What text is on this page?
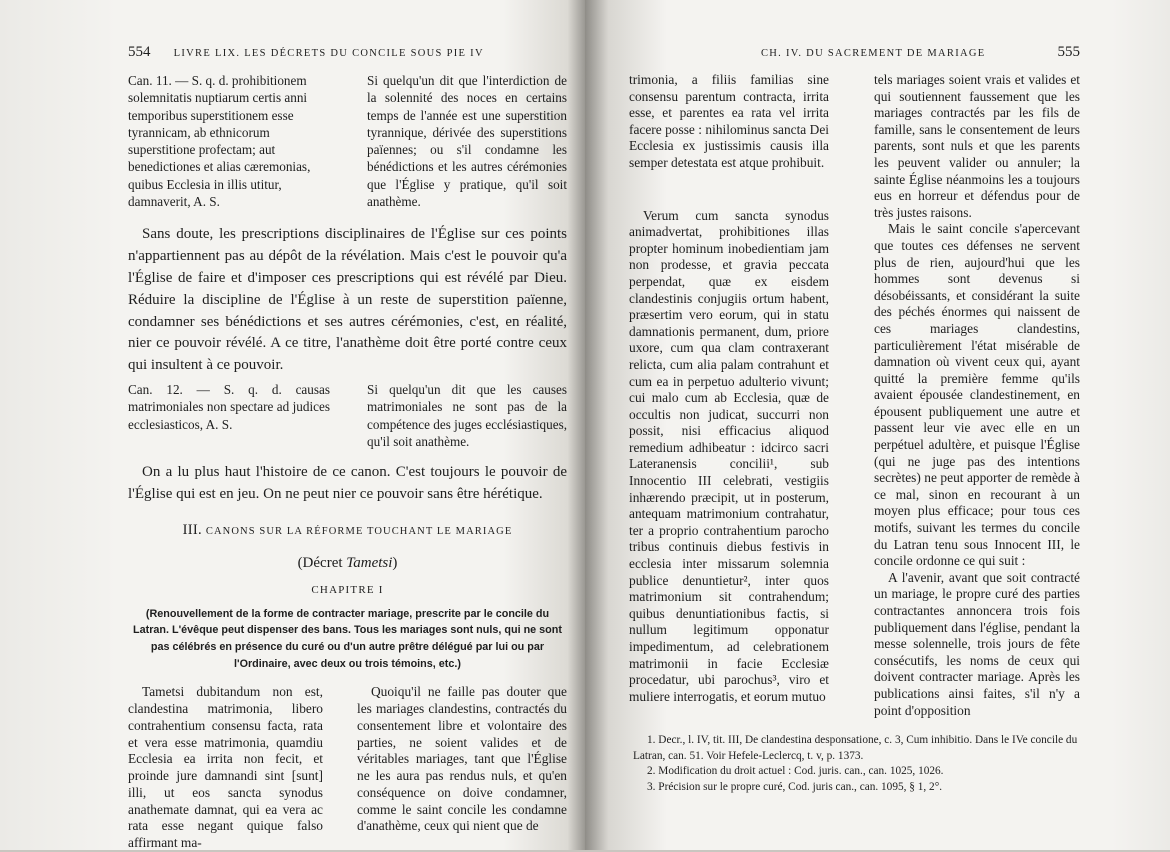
554	LIVRE LIX. LES DÉCRETS DU CONCILE SOUS PIE IV
Can. 11. — S. q. d. prohibitionem solemnitatis nuptiarum certis anni temporibus superstitionem esse tyrannicam, ab ethnicorum superstitione profectam; aut benedictiones et alias cæremonias, quibus Ecclesia in illis utitur, damnaverit, A. S.
Si quelqu'un dit que l'interdiction de la solennité des noces en certains temps de l'année est une superstition tyrannique, dérivée des superstitions païennes; ou s'il condamne les bénédictions et les autres cérémonies que l'Église y pratique, qu'il soit anathème.

Sans doute, les prescriptions disciplinaires de l'Église sur ces points n'appartiennent pas au dépôt de la révélation. Mais c'est le pouvoir qu'a l'Église de faire et d'imposer ces prescriptions qui est révélé par Dieu. Réduire la discipline de l'Église à un reste de superstition païenne, condamner ses bénédictions et ses autres cérémonies, c'est, en réalité, nier ce pouvoir révélé. A ce titre, l'anathème doit être porté contre ceux qui insultent à ce pouvoir.

Can. 12. — S. q. d. causas matrimoniales non spectare ad judices ecclesiasticos, A. S.
Si quelqu'un dit que les causes matrimoniales ne sont pas de la compétence des juges ecclésiastiques, qu'il soit anathème.

On a lu plus haut l'histoire de ce canon. C'est toujours le pouvoir de l'Église qui est en jeu. On ne peut nier ce pouvoir sans être hérétique.

III. CANONS SUR LA RÉFORME TOUCHANT LE MARIAGE
(Décret Tametsi)
CHAPITRE I

(Renouvellement de la forme de contracter mariage, prescrite par le concile du Latran. L'évêque peut dispenser des bans. Tous les mariages sont nuls, qui ne sont pas célébrés en présence du curé ou d'un autre prêtre délégué par lui ou par l'Ordinaire, avec deux ou trois témoins, etc.)

Tametsi dubitandum non est, clandestina matrimonia, libero contrahentium consensu facta, rata et vera esse matrimonia, quamdiu Ecclesia ea irrita non fecit, et proinde jure damnandi sint [sunt] illi, ut eos sancta synodus anathemate damnat, qui ea vera ac rata esse negant quique falso affirmant ma-
Quoiqu'il ne faille pas douter que les mariages clandestins, contractés du consentement libre et volontaire des parties, ne soient valides et de véritables mariages, tant que l'Église ne les aura pas rendus nuls, et qu'en conséquence on doive condamner, comme le saint concile les condamne d'anathème, ceux qui nient que de
CH. IV. DU SACREMENT DE MARIAGE	555
trimonia, a filiis familias sine consensu parentum contracta, irrita esse, et parentes ea rata vel irrita facere posse : nihilominus sancta Dei Ecclesia ex justissimis causis illa semper detestata est atque prohibuit.
Verum cum sancta synodus animadvertat, prohibitiones illas propter hominum inobedientiam jam non prodesse, et gravia peccata perpendat, quæ ex eisdem clandestinis conjugiis ortum habent, præsertim vero eorum, qui in statu damnationis permanent, dum, priore uxore, cum qua clam contraxerant relicta, cum alia palam contrahunt et cum ea in perpetuo adulterio vivunt; cui malo cum ab Ecclesia, quæ de occultis non judicat, succurri non possit, nisi efficacius aliquod remedium adhibeatur : idcirco sacri Lateranensis concilii¹, sub Innocentio III celebrati, vestigiis inhærendo præcipit, ut in posterum, antequam matrimonium contrahatur, ter a proprio contrahentium parocho tribus continuis diebus festivis in ecclesia inter missarum solemnia publice denuntietur², inter quos matrimonium sit contrahendum; quibus denuntiationibus factis, si nullum legitimum opponatur impedimentum, ad celebrationem matrimonii in facie Ecclesiæ procedatur, ubi parochus³, viro et muliere interrogatis, et eorum mutuo
tels mariages soient vrais et valides et qui soutiennent faussement que les mariages contractés par les fils de famille, sans le consentement de leurs parents, sont nuls et que les parents les peuvent valider ou annuler; la sainte Église néanmoins les a toujours eus en horreur et défendus pour de très justes raisons.
Mais le saint concile s'apercevant que toutes ces défenses ne servent plus de rien, aujourd'hui que les hommes sont devenus si désobéissants, et considérant la suite des péchés énormes qui naissent de ces mariages clandestins, particulièrement l'état misérable de damnation où vivent ceux qui, ayant quitté la première femme qu'ils avaient épousée clandestinement, en épousent publiquement une autre et passent leur vie avec elle en un perpétuel adultère, et puisque l'Église (qui ne juge pas des intentions secrètes) ne peut apporter de remède à ce mal, sinon en recourant à un moyen plus efficace; pour tous ces motifs, suivant les termes du concile du Latran tenu sous Innocent III, le concile ordonne ce qui suit :
A l'avenir, avant que soit contracté un mariage, le propre curé des parties contractantes annoncera trois fois publiquement dans l'église, pendant la messe solennelle, trois jours de fête consécutifs, les noms de ceux qui doivent contracter mariage. Après les publications ainsi faites, s'il n'y a point d'opposition
1. Decr., l. IV, tit. III, De clandestina desponsatione, c. 3, Cum inhibitio. Dans le IVe concile du Latran, can. 51. Voir Hefele-Leclercq, t. v, p. 1373.
2. Modification du droit actuel : Cod. juris. can., can. 1025, 1026.
3. Précision sur le propre curé, Cod. juris can., can. 1095, § 1, 2°.
